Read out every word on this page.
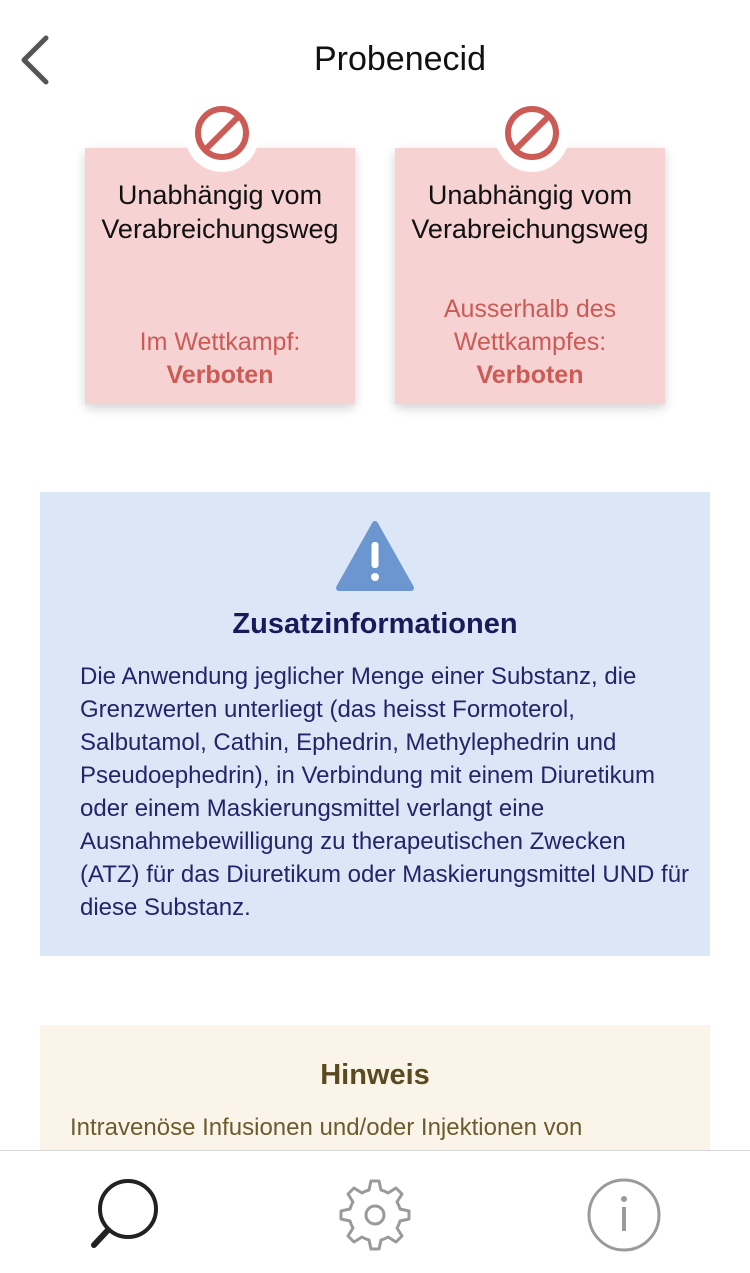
Probenecid
Unabhängig vom Verabreichungsweg
Im Wettkampf:
Verboten
Unabhängig vom Verabreichungsweg
Ausserhalb des Wettkampfes:
Verboten
Zusatzinformationen
Die Anwendung jeglicher Menge einer Substanz, die Grenzwerten unterliegt (das heisst Formoterol, Salbutamol, Cathin, Ephedrin, Methylephedrin und Pseudoephedrin), in Verbindung mit einem Diuretikum oder einem Maskierungsmittel verlangt eine Ausnahmebewilligung zu therapeutischen Zwecken (ATZ) für das Diuretikum oder Maskierungsmittel UND für diese Substanz.
Hinweis
Intravenöse Infusionen und/oder Injektionen von
